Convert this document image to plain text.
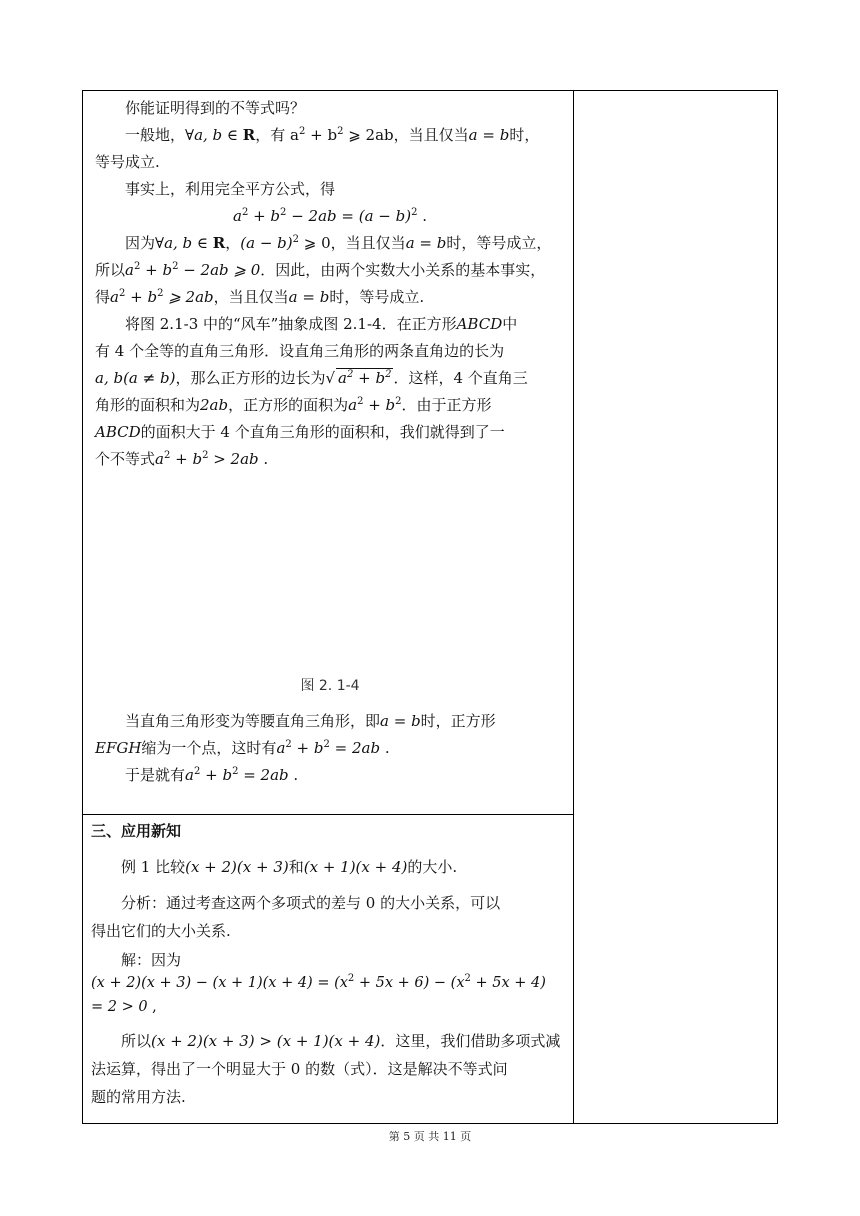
你能证明得到的不等式吗？

一般地，∀a, b ∈ R，有 $a^2 + b^2$ ⩾ 2ab，当且仅当a = b时，

等号成立.

事实上，利用完全平方公式，得

$a^2 + b^2 - 2ab = (a - b)^2$ .

因为∀a, b ∈ R，$(a - b)^2$ ⩾ 0，当且仅当a = b时，等号成立，

所以$a^2 + b^2 - 2ab$ ⩾ 0．因此，由两个实数大小关系的基本事实，

得$a^2 + b^2$ ⩾ 2ab，当且仅当a = b时，等号成立.

将图 2.1-3 中的“风车”抽象成图 2.1-4．在正方形ABCD中

有 4 个全等的直角三角形．设直角三角形的两条直角边的长为

a, b(a ≠ b)，那么正方形的边长为√ $a^2 + b^2$ ．这样，4 个直角三

角形的面积和为2ab，正方形的面积为$a^2 + b^2$．由于正方形

ABCD的面积大于 4 个直角三角形的面积和，我们就得到了一

个不等式$a^2 + b^2 > 2ab$ .

图 2. 1-4

当直角三角形变为等腰直角三角形，即a = b时，正方形

EFGH缩为一个点，这时有$a^2 + b^2 = 2ab$ .

于是就有$a^2 + b^2 = 2ab$ .

三、应用新知

例 1 比较(x + 2)(x + 3)和(x + 1)(x + 4)的大小.

分析：通过考查这两个多项式的差与 0 的大小关系，可以

得出它们的大小关系.

解：因为

$(x + 2)(x + 3) - (x + 1)(x + 4) = (x^2 + 5x + 6) - (x^2 + 5x + 4) = 2 > 0$ ,

所以(x + 2)(x + 3) > (x + 1)(x + 4)．这里，我们借助多项式减

法运算，得出了一个明显大于 0 的数（式）．这是解决不等式问

题的常用方法.

第 5 页 共 11 页
